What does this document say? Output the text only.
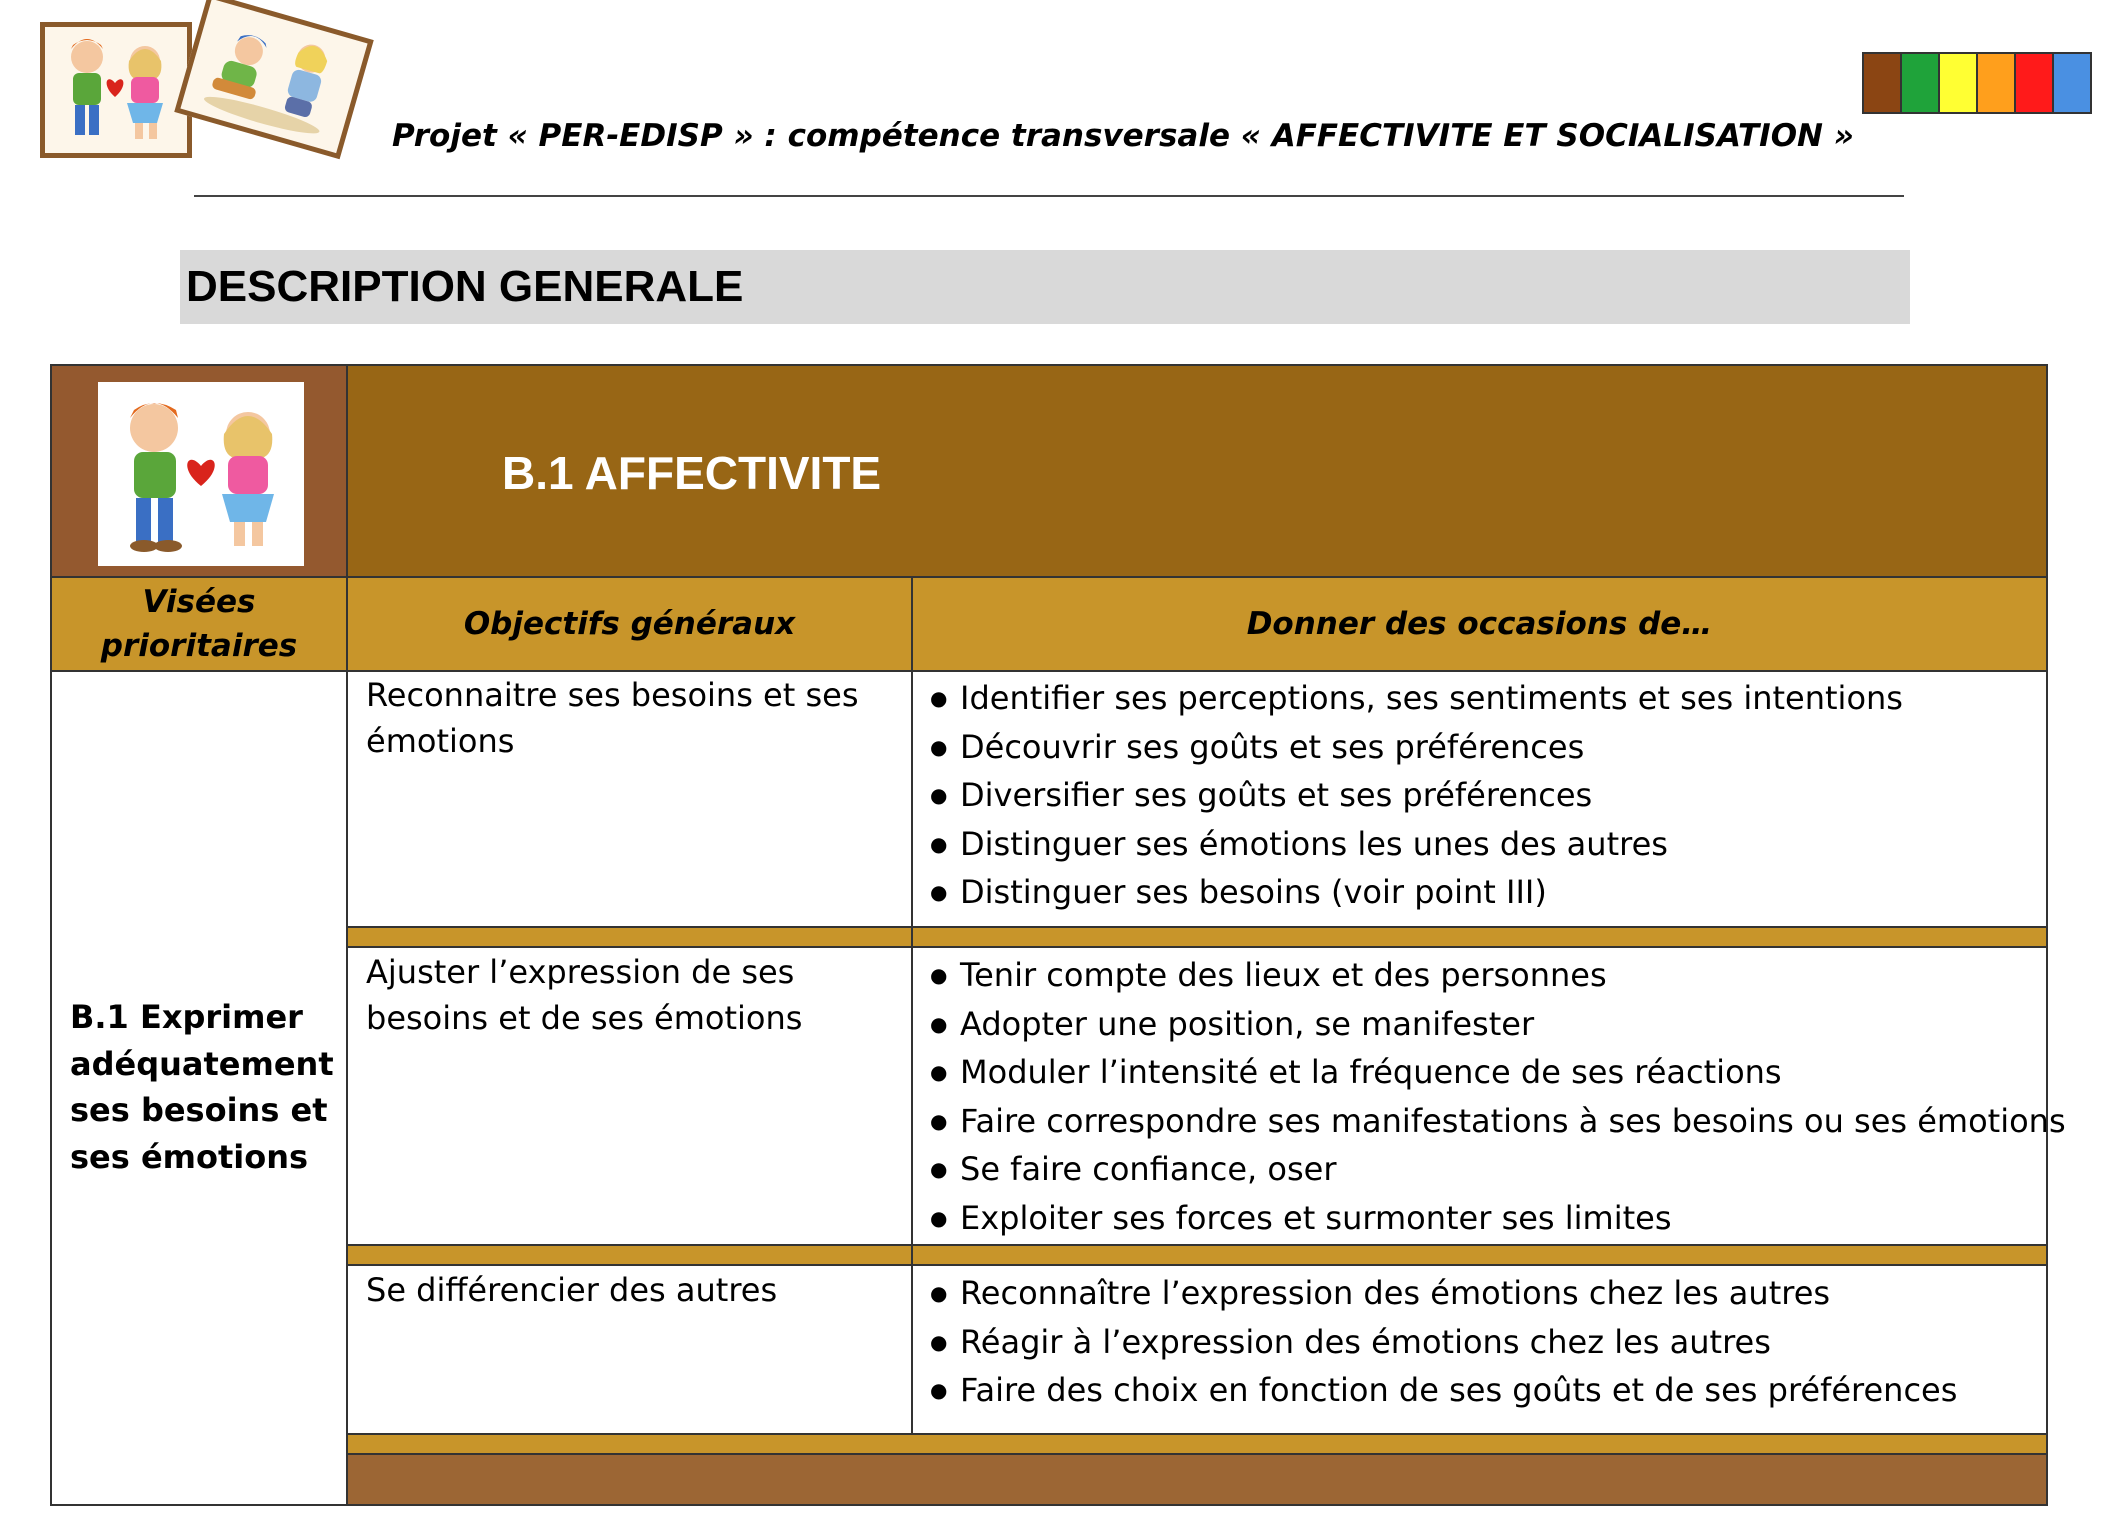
Projet « PER-EDISP » : compétence transversale « AFFECTIVITE ET SOCIALISATION »
DESCRIPTION GENERALE
B.1 AFFECTIVITE
Visées prioritaires
Objectifs généraux	Donner des occasions de…
B.1 Exprimer adéquatement ses besoins et ses émotions
Reconnaitre ses besoins et ses émotions
● Identifier ses perceptions, ses sentiments et ses intentions
● Découvrir ses goûts et ses préférences
● Diversifier ses goûts et ses préférences
● Distinguer ses émotions les unes des autres
● Distinguer ses besoins (voir point III)
Ajuster l’expression de ses besoins et de ses émotions
● Tenir compte des lieux et des personnes
● Adopter une position, se manifester
● Moduler l’intensité et la fréquence de ses réactions
● Faire correspondre ses manifestations à ses besoins ou ses émotions
● Se faire confiance, oser
● Exploiter ses forces et surmonter ses limites
Se différencier des autres
●	Reconnaître l’expression des émotions chez les autres
● Réagir à l’expression des émotions chez les autres
● Faire des choix en fonction de ses goûts et de ses préférences
